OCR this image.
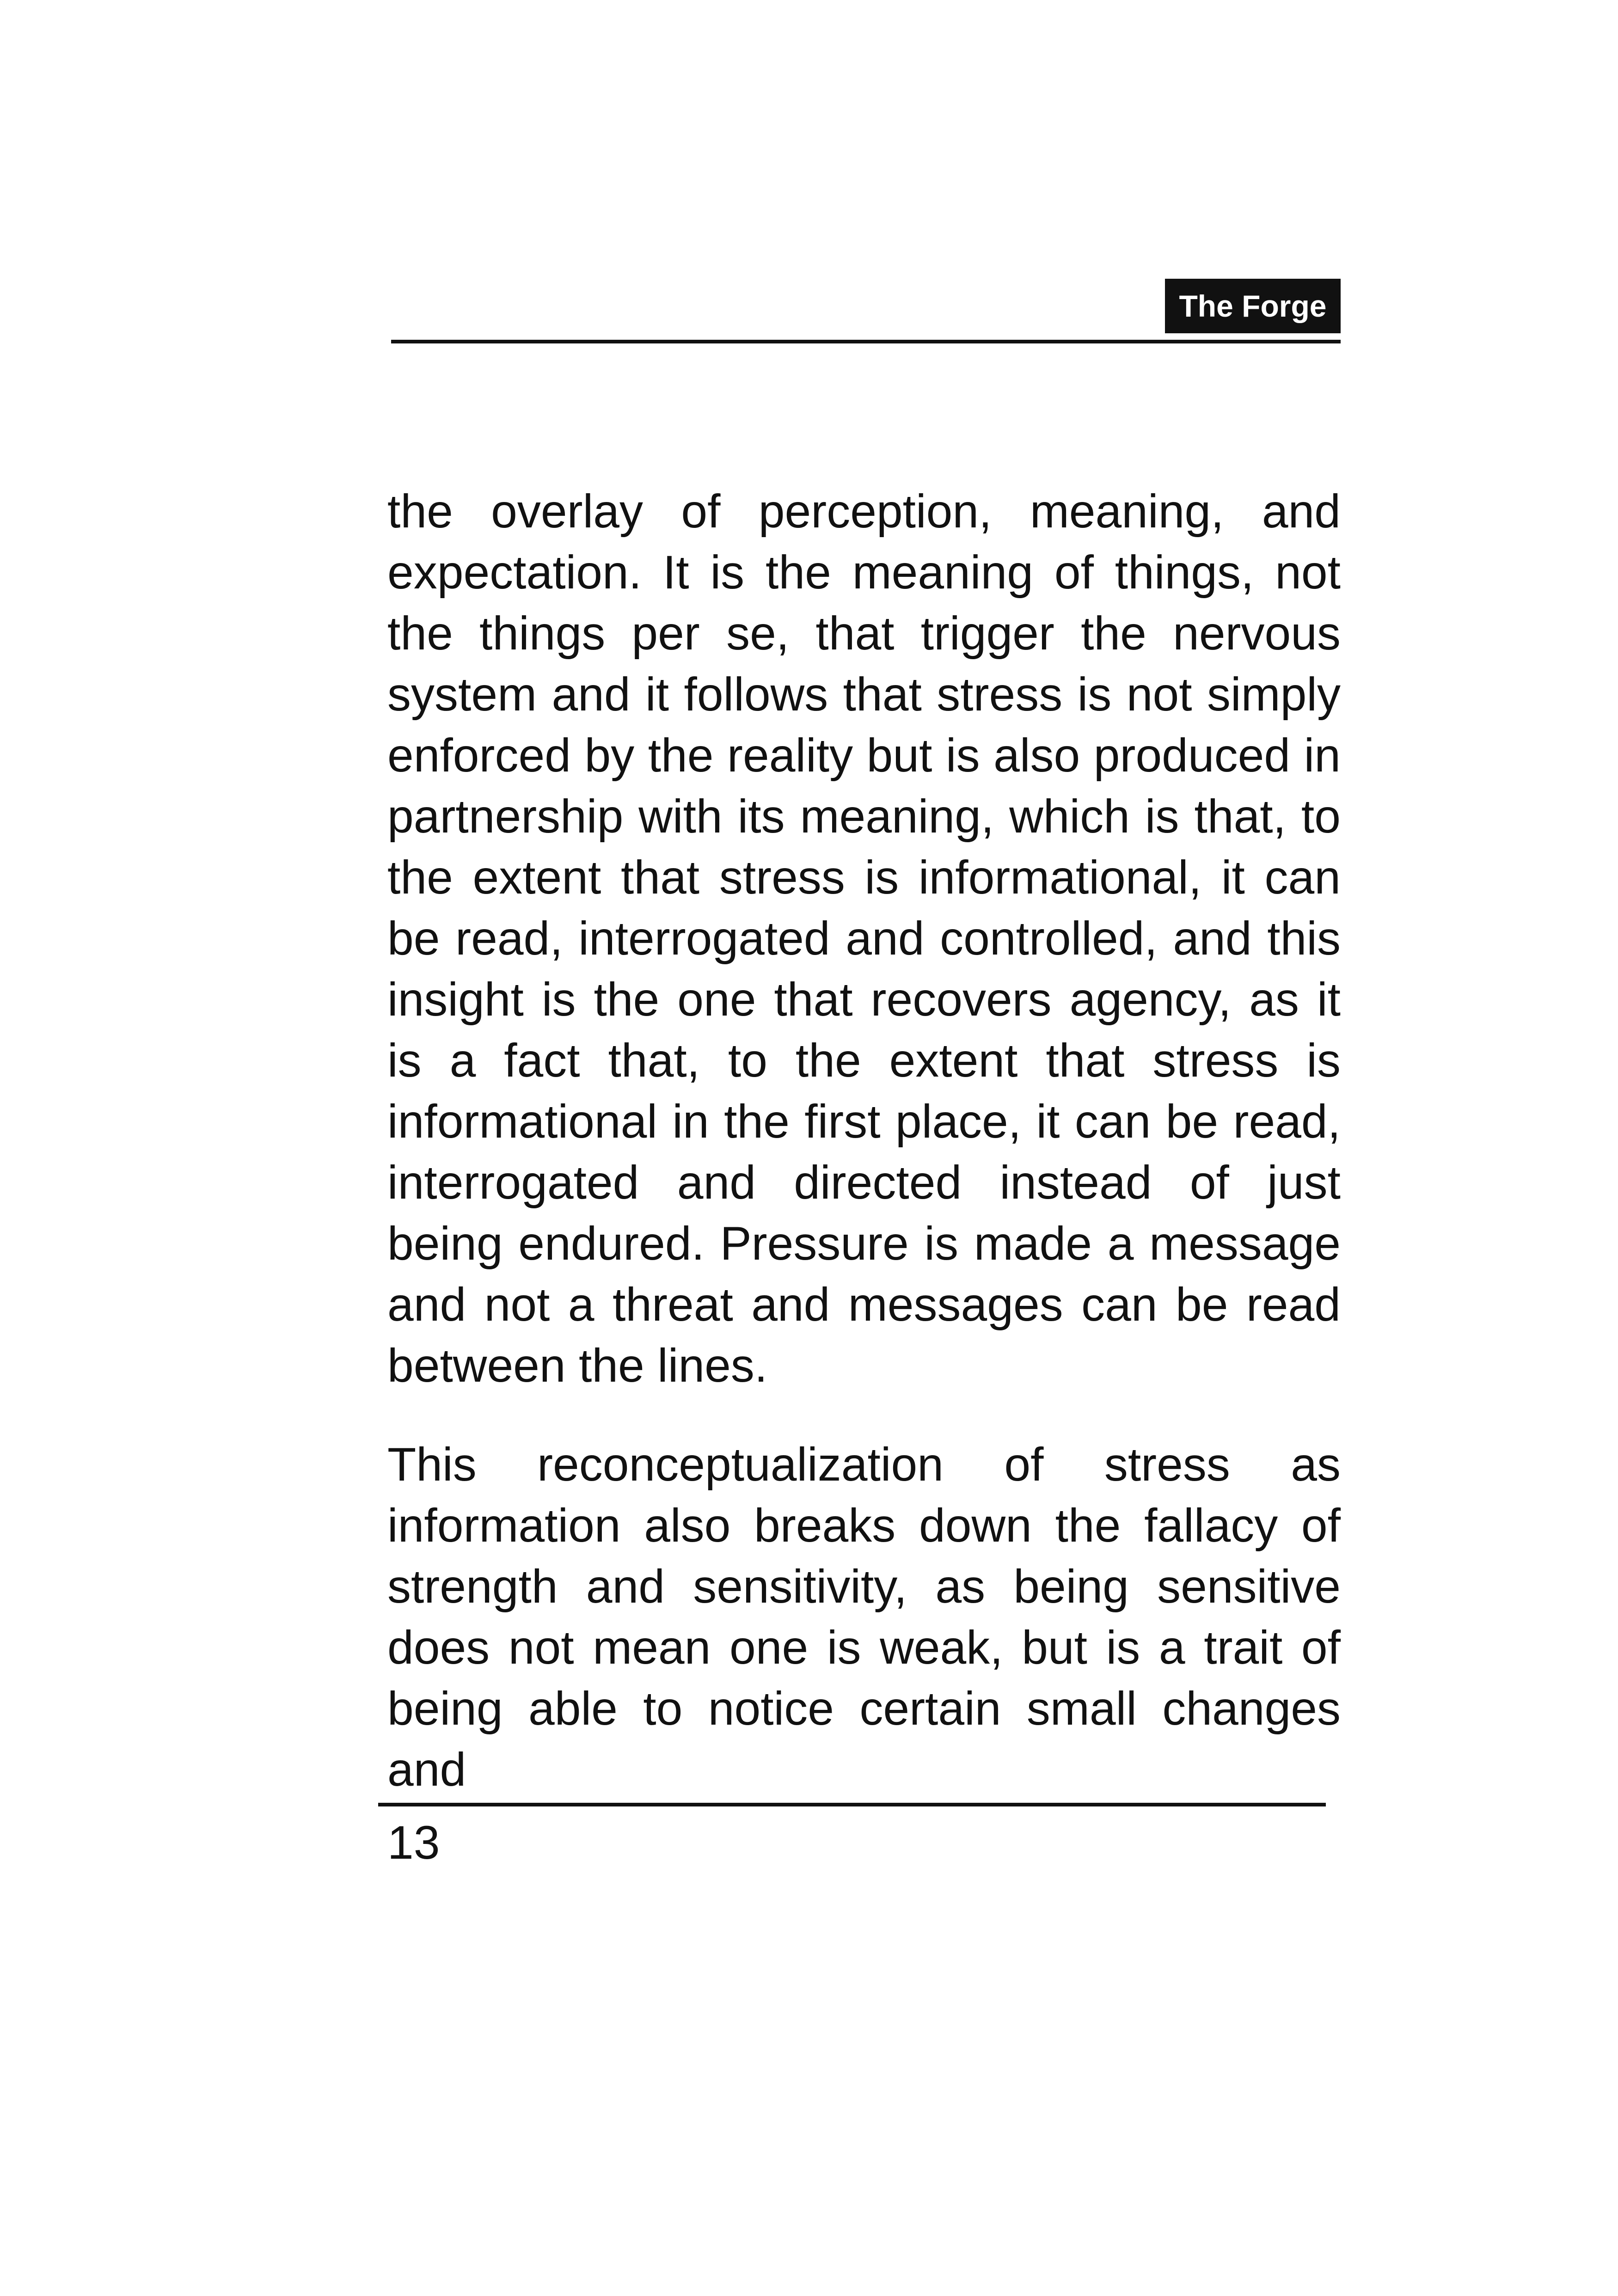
The Forge

the overlay of perception, meaning, and expectation. It is the meaning of things, not the things per se, that trigger the nervous system and it follows that stress is not simply enforced by the reality but is also produced in partnership with its meaning, which is that, to the extent that stress is informational, it can be read, interrogated and controlled, and this insight is the one that recovers agency, as it is a fact that, to the extent that stress is informational in the first place, it can be read, interrogated and directed instead of just being endured. Pressure is made a message and not a threat and messages can be read between the lines.

This reconceptualization of stress as information also breaks down the fallacy of strength and sensitivity, as being sensitive does not mean one is weak, but is a trait of being able to notice certain small changes and

13
